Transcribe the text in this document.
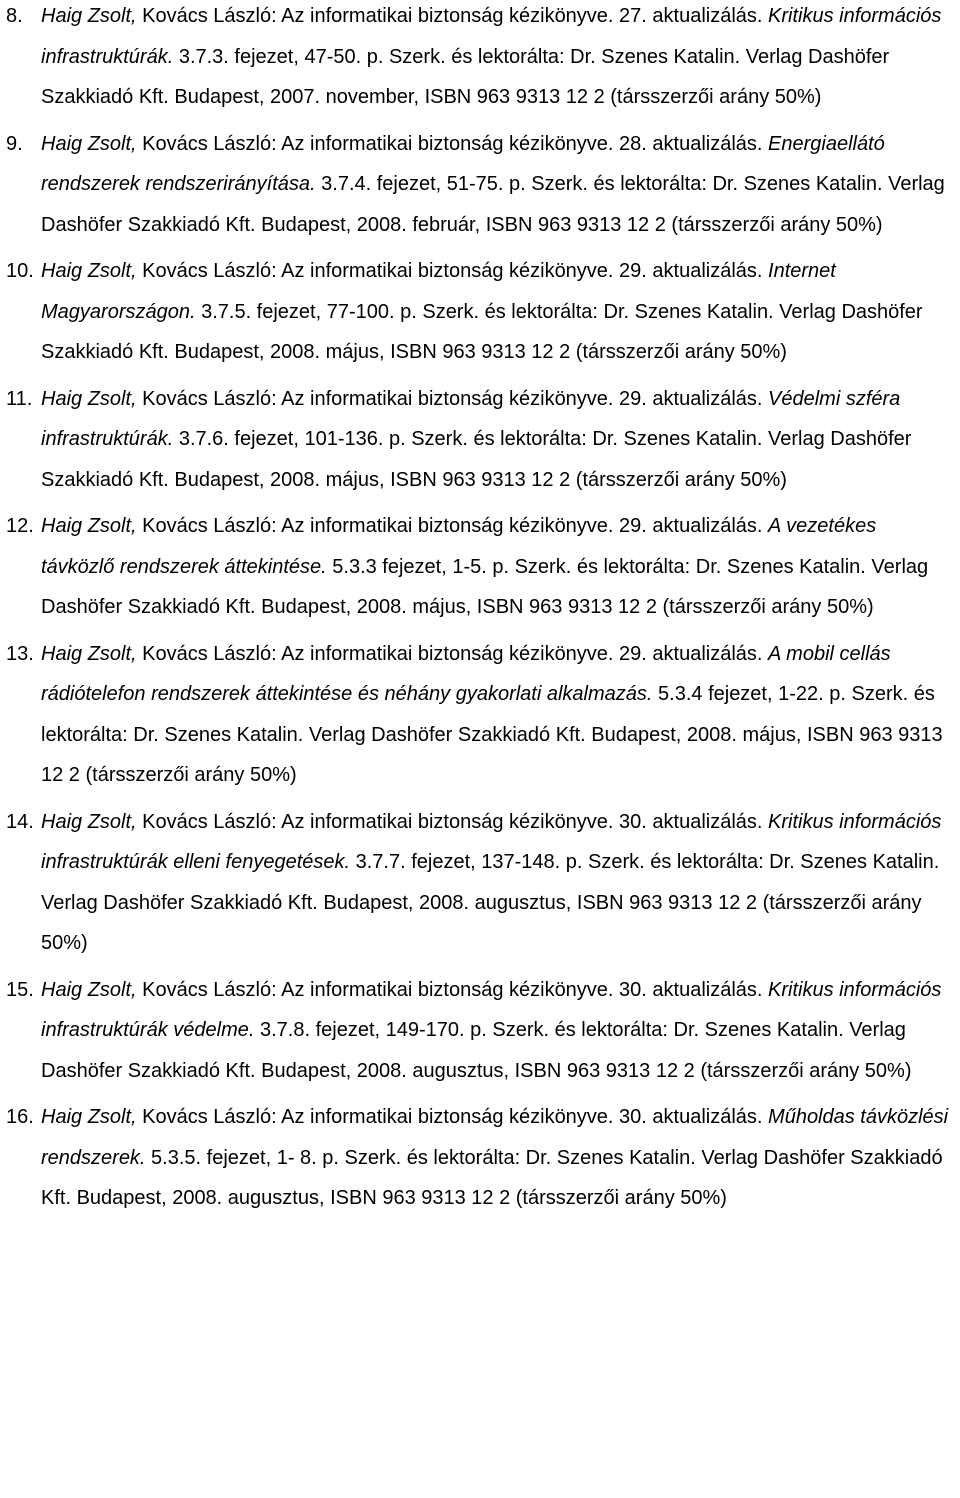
8. Haig Zsolt, Kovács László: Az informatikai biztonság kézikönyve. 27. aktualizálás. Kritikus információs infrastruktúrák. 3.7.3. fejezet, 47-50. p. Szerk. és lektorálta: Dr. Szenes Katalin. Verlag Dashöfer Szakkiadó Kft. Budapest, 2007. november, ISBN 963 9313 12 2 (társszerzői arány 50%)
9. Haig Zsolt, Kovács László: Az informatikai biztonság kézikönyve. 28. aktualizálás. Energiaellátó rendszerek rendszerirányítása. 3.7.4. fejezet, 51-75. p. Szerk. és lektorálta: Dr. Szenes Katalin. Verlag Dashöfer Szakkiadó Kft. Budapest, 2008. február, ISBN 963 9313 12 2 (társszerzői arány 50%)
10. Haig Zsolt, Kovács László: Az informatikai biztonság kézikönyve. 29. aktualizálás. Internet Magyarországon. 3.7.5. fejezet, 77-100. p. Szerk. és lektorálta: Dr. Szenes Katalin. Verlag Dashöfer Szakkiadó Kft. Budapest, 2008. május, ISBN 963 9313 12 2 (társszerzői arány 50%)
11. Haig Zsolt, Kovács László: Az informatikai biztonság kézikönyve. 29. aktualizálás. Védelmi szféra infrastruktúrák. 3.7.6. fejezet, 101-136. p. Szerk. és lektorálta: Dr. Szenes Katalin. Verlag Dashöfer Szakkiadó Kft. Budapest, 2008. május, ISBN 963 9313 12 2 (társszerzői arány 50%)
12. Haig Zsolt, Kovács László: Az informatikai biztonság kézikönyve. 29. aktualizálás. A vezetékes távközlő rendszerek áttekintése. 5.3.3 fejezet, 1-5. p. Szerk. és lektorálta: Dr. Szenes Katalin. Verlag Dashöfer Szakkiadó Kft. Budapest, 2008. május, ISBN 963 9313 12 2 (társszerzői arány 50%)
13. Haig Zsolt, Kovács László: Az informatikai biztonság kézikönyve. 29. aktualizálás. A mobil cellás rádiótelefon rendszerek áttekintése és néhány gyakorlati alkalmazás. 5.3.4 fejezet, 1-22. p. Szerk. és lektorálta: Dr. Szenes Katalin. Verlag Dashöfer Szakkiadó Kft. Budapest, 2008. május, ISBN 963 9313 12 2 (társszerzői arány 50%)
14. Haig Zsolt, Kovács László: Az informatikai biztonság kézikönyve. 30. aktualizálás. Kritikus információs infrastruktúrák elleni fenyegetések. 3.7.7. fejezet, 137-148. p. Szerk. és lektorálta: Dr. Szenes Katalin. Verlag Dashöfer Szakkiadó Kft. Budapest, 2008. augusztus, ISBN 963 9313 12 2 (társszerzői arány 50%)
15. Haig Zsolt, Kovács László: Az informatikai biztonság kézikönyve. 30. aktualizálás. Kritikus információs infrastruktúrák védelme. 3.7.8. fejezet, 149-170. p. Szerk. és lektorálta: Dr. Szenes Katalin. Verlag Dashöfer Szakkiadó Kft. Budapest, 2008. augusztus, ISBN 963 9313 12 2 (társszerzői arány 50%)
16. Haig Zsolt, Kovács László: Az informatikai biztonság kézikönyve. 30. aktualizálás. Műholdas távközlési rendszerek. 5.3.5. fejezet, 1- 8. p. Szerk. és lektorálta: Dr. Szenes Katalin. Verlag Dashöfer Szakkiadó Kft. Budapest, 2008. augusztus, ISBN 963 9313 12 2 (társszerzői arány 50%)
